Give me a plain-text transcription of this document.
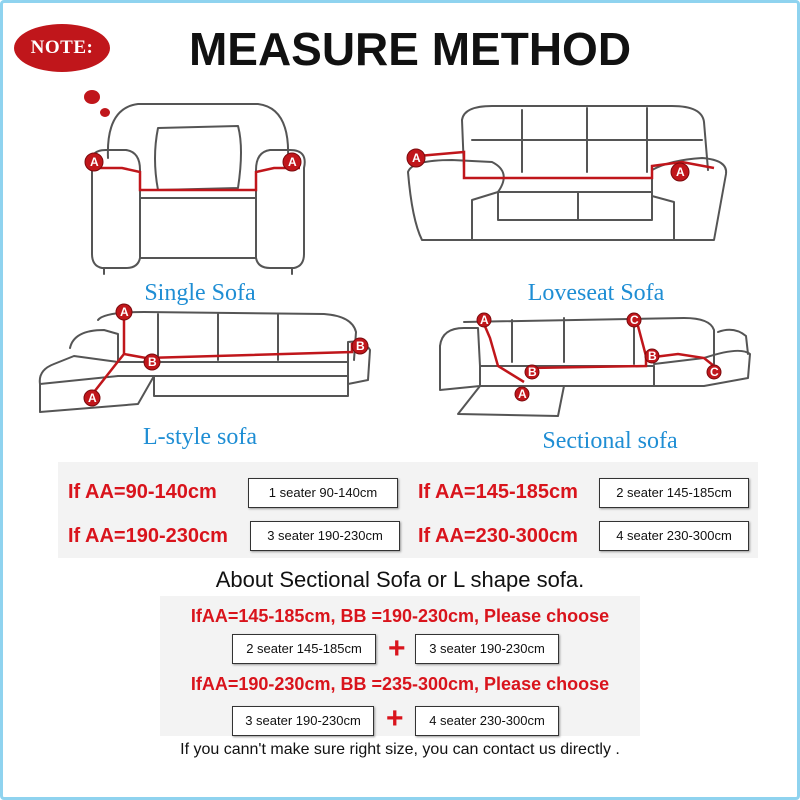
NOTE:	MEASURE METHOD
A	A
Single Sofa
A
A
Loveseat Sofa
A
B
B
A
L-style sofa
A
B
A
C
B
C
Sectional sofa
If AA=90-140cm	1 seater 90-140cm	If AA=145-185cm	2 seater 145-185cm
If AA=190-230cm	3 seater 190-230cm	If AA=230-300cm	4 seater 230-300cm
About Sectional Sofa or L shape sofa.
IfAA=145-185cm, BB =190-230cm, Please choose
2 seater 145-185cm +	3 seater 190-230cm
IfAA=190-230cm, BB =235-300cm, Please choose
3 seater 190-230cm +	4 seater 230-300cm
If you cann't make sure right size, you can contact us directly .
